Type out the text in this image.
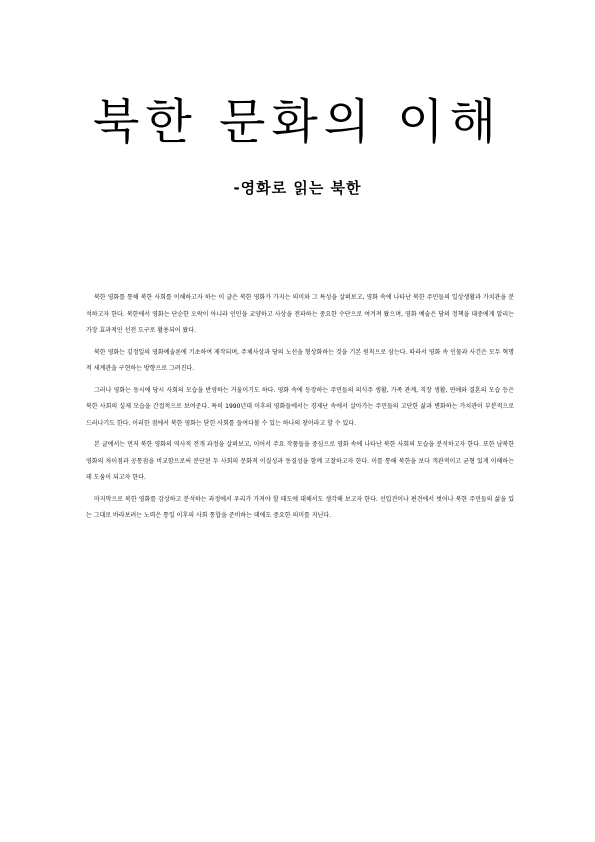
북한 문화의 이해
-영화로 읽는 북한

북한 영화를 통해 북한 사회를 이해하고자 하는 이 글은 북한 영화가 가지는 의미와 그 특성을 살펴보고, 영화 속에 나타난 북한 주민들의 일상생활과 가치관을 분석하고자 한다. 북한에서 영화는 단순한 오락이 아니라 인민을 교양하고 사상을 전파하는 중요한 수단으로 여겨져 왔으며, 영화 예술은 당의 정책을 대중에게 알리는 가장 효과적인 선전 도구로 활용되어 왔다.

북한 영화는 김정일의 영화예술론에 기초하여 제작되며, 주체사상과 당의 노선을 형상화하는 것을 기본 원칙으로 삼는다. 따라서 영화 속 인물과 사건은 모두 혁명적 세계관을 구현하는 방향으로 그려진다.

그러나 영화는 동시에 당시 사회의 모습을 반영하는 거울이기도 하다. 영화 속에 등장하는 주민들의 의식주 생활, 가족 관계, 직장 생활, 연애와 결혼의 모습 등은 북한 사회의 실제 모습을 간접적으로 보여준다. 특히 1990년대 이후의 영화들에서는 경제난 속에서 살아가는 주민들의 고단한 삶과 변화하는 가치관이 부분적으로 드러나기도 한다. 이러한 점에서 북한 영화는 닫힌 사회를 들여다볼 수 있는 하나의 창이라고 할 수 있다.

본 글에서는 먼저 북한 영화의 역사적 전개 과정을 살펴보고, 이어서 주요 작품들을 중심으로 영화 속에 나타난 북한 사회의 모습을 분석하고자 한다. 또한 남북한 영화의 차이점과 공통점을 비교함으로써 분단된 두 사회의 문화적 이질성과 동질성을 함께 고찰하고자 한다. 이를 통해 북한을 보다 객관적이고 균형 있게 이해하는 데 도움이 되고자 한다.

마지막으로 북한 영화를 감상하고 분석하는 과정에서 우리가 가져야 할 태도에 대해서도 생각해 보고자 한다. 선입견이나 편견에서 벗어나 북한 주민들의 삶을 있는 그대로 바라보려는 노력은 통일 이후의 사회 통합을 준비하는 데에도 중요한 의미를 지닌다.
